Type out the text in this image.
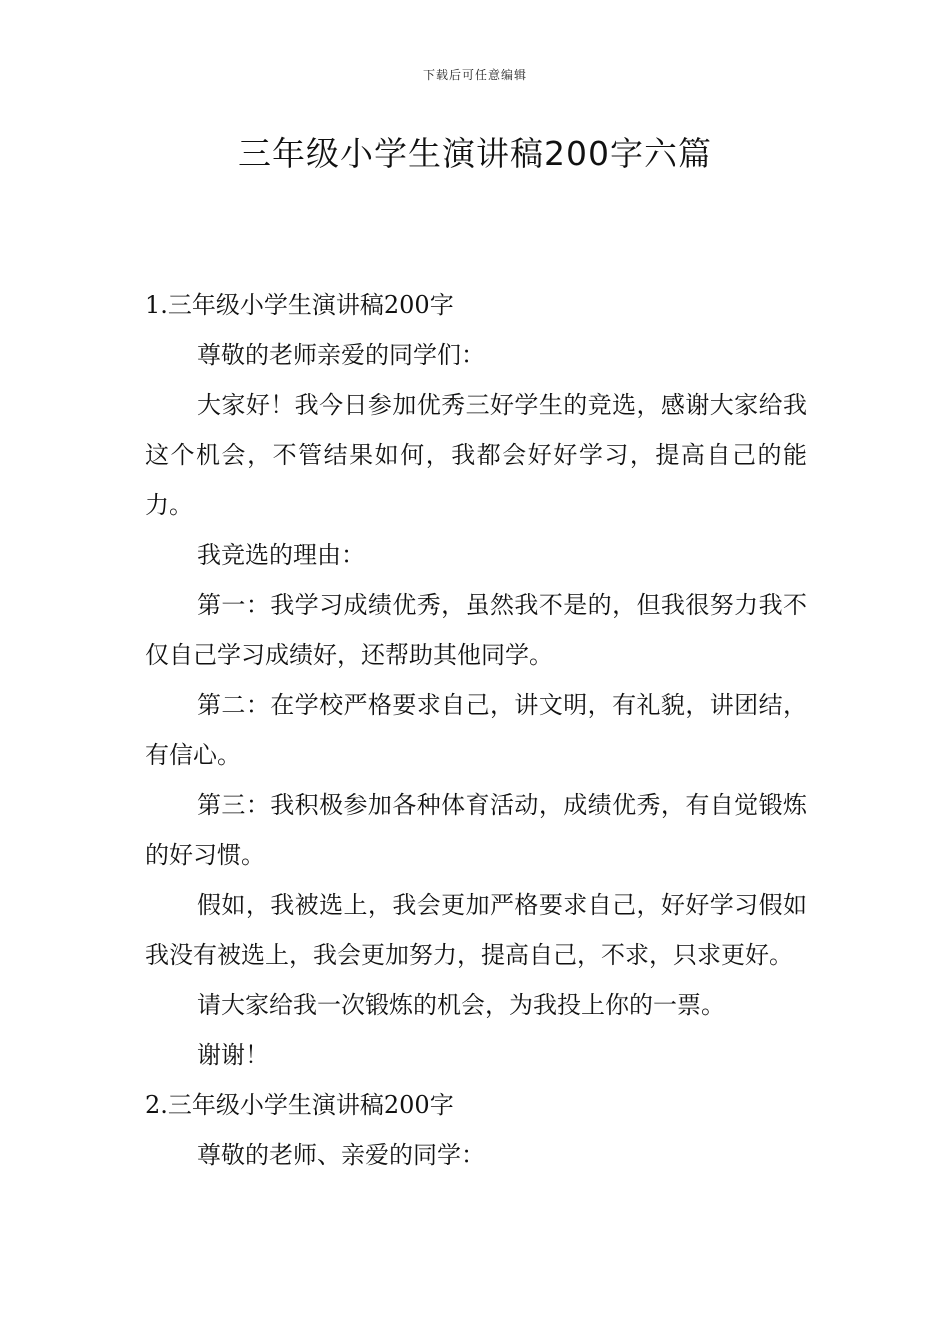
下载后可任意编辑
三年级小学生演讲稿200字六篇

1.三年级小学生演讲稿200字

尊敬的老师亲爱的同学们：

大家好！我今日参加优秀三好学生的竞选，感谢大家给我这个机会，不管结果如何，我都会好好学习，提高自己的能力。

我竞选的理由：

第一：我学习成绩优秀，虽然我不是的，但我很努力我不仅自己学习成绩好，还帮助其他同学。

第二：在学校严格要求自己，讲文明，有礼貌，讲团结，有信心。

第三：我积极参加各种体育活动，成绩优秀，有自觉锻炼的好习惯。

假如，我被选上，我会更加严格要求自己，好好学习假如我没有被选上，我会更加努力，提高自己，不求，只求更好。

请大家给我一次锻炼的机会，为我投上你的一票。

谢谢！

2.三年级小学生演讲稿200字

尊敬的老师、亲爱的同学：
